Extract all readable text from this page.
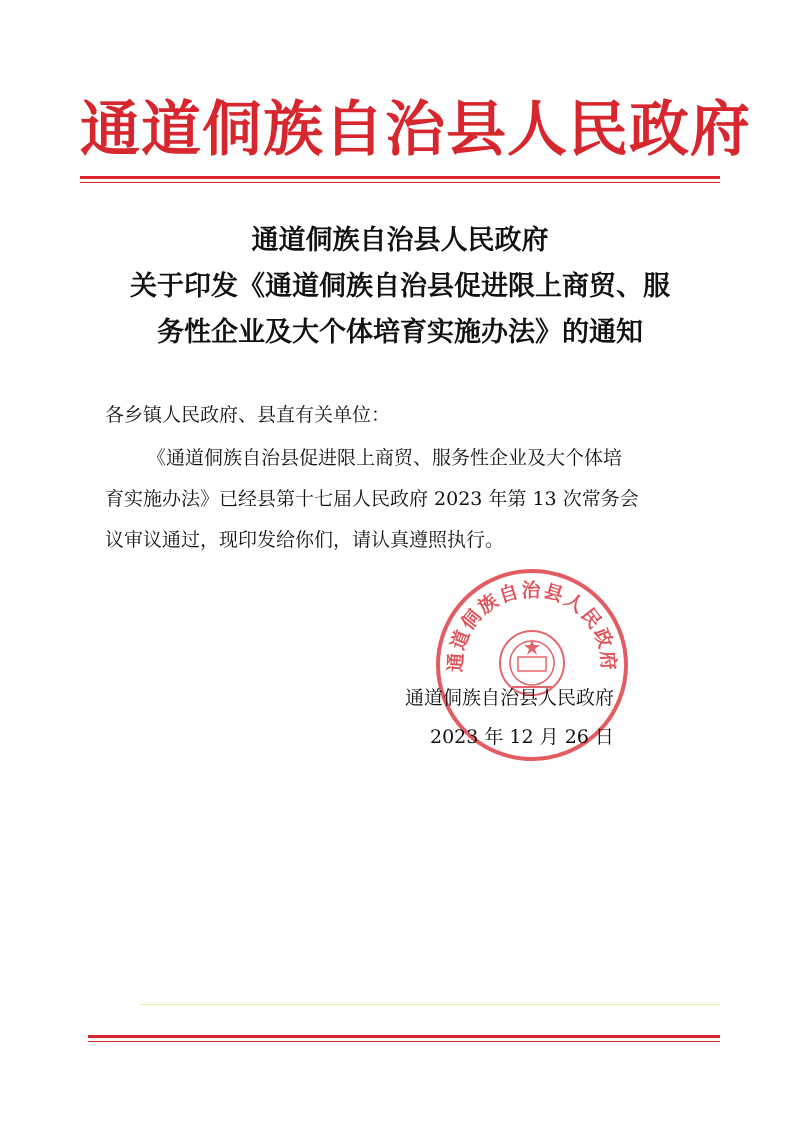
通道侗族自治县人民政府
通道侗族自治县人民政府
关于印发《通道侗族自治县促进限上商贸、服
务性企业及大个体培育实施办法》的通知
各乡镇人民政府、县直有关单位：
《通道侗族自治县促进限上商贸、服务性企业及大个体培
育实施办法》已经县第十七届人民政府 2023 年第 13 次常务会
议审议通过，现印发给你们，请认真遵照执行。
通道侗族自治县人民政府
通道侗族自治县人民政府
2023 年 12 月 26 日
